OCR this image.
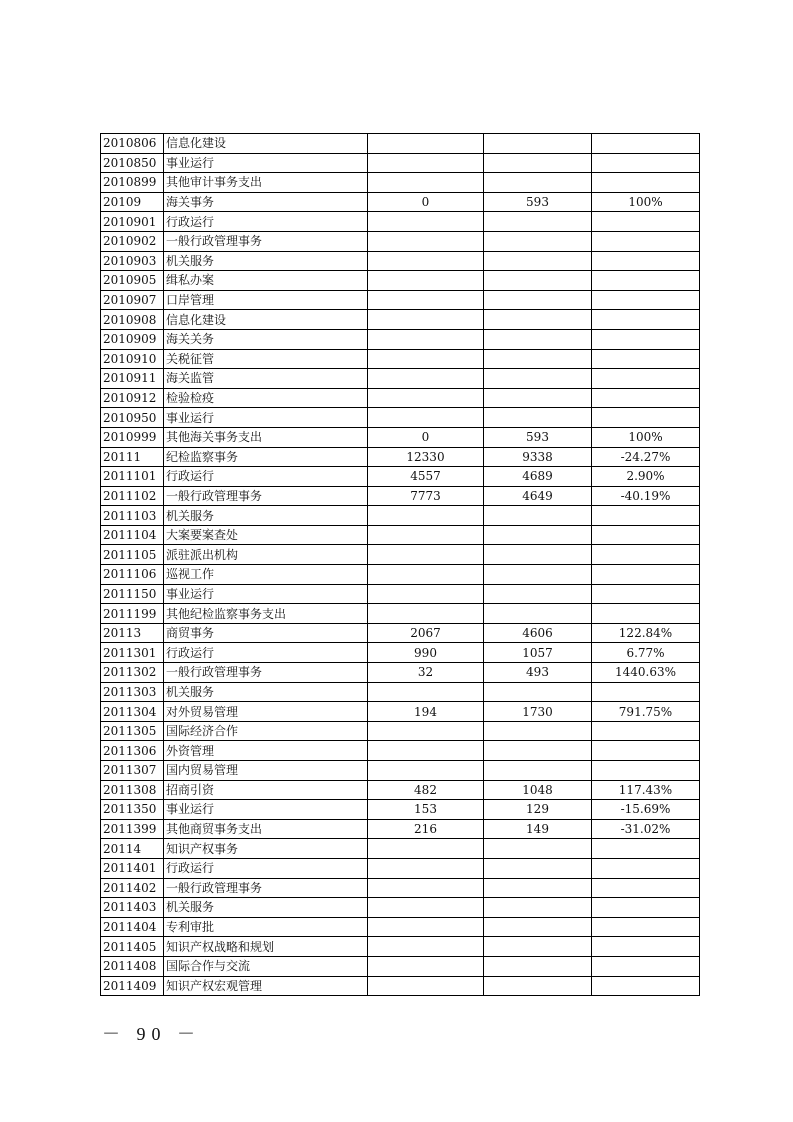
2010806	信息化建设			
2010850	事业运行			
2010899	其他审计事务支出			
20109	海关事务	0	593	100%
2010901	行政运行			
2010902	一般行政管理事务			
2010903	机关服务			
2010905	缉私办案			
2010907	口岸管理			
2010908	信息化建设			
2010909	海关关务			
2010910	关税征管			
2010911	海关监管			
2010912	检验检疫			
2010950	事业运行			
2010999	其他海关事务支出	0	593	100%
20111	纪检监察事务	12330	9338	-24.27%
2011101	行政运行	4557	4689	2.90%
2011102	一般行政管理事务	7773	4649	-40.19%
2011103	机关服务			
2011104	大案要案查处			
2011105	派驻派出机构			
2011106	巡视工作			
2011150	事业运行			
2011199	其他纪检监察事务支出			
20113	商贸事务	2067	4606	122.84%
2011301	行政运行	990	1057	6.77%
2011302	一般行政管理事务	32	493	1440.63%
2011303	机关服务			
2011304	对外贸易管理	194	1730	791.75%
2011305	国际经济合作			
2011306	外资管理			
2011307	国内贸易管理			
2011308	招商引资	482	1048	117.43%
2011350	事业运行	153	129	-15.69%
2011399	其他商贸事务支出	216	149	-31.02%
20114	知识产权事务			
2011401	行政运行			
2011402	一般行政管理事务			
2011403	机关服务			
2011404	专利审批			
2011405	知识产权战略和规划			
2011408	国际合作与交流			
2011409	知识产权宏观管理			
－ 90 －
